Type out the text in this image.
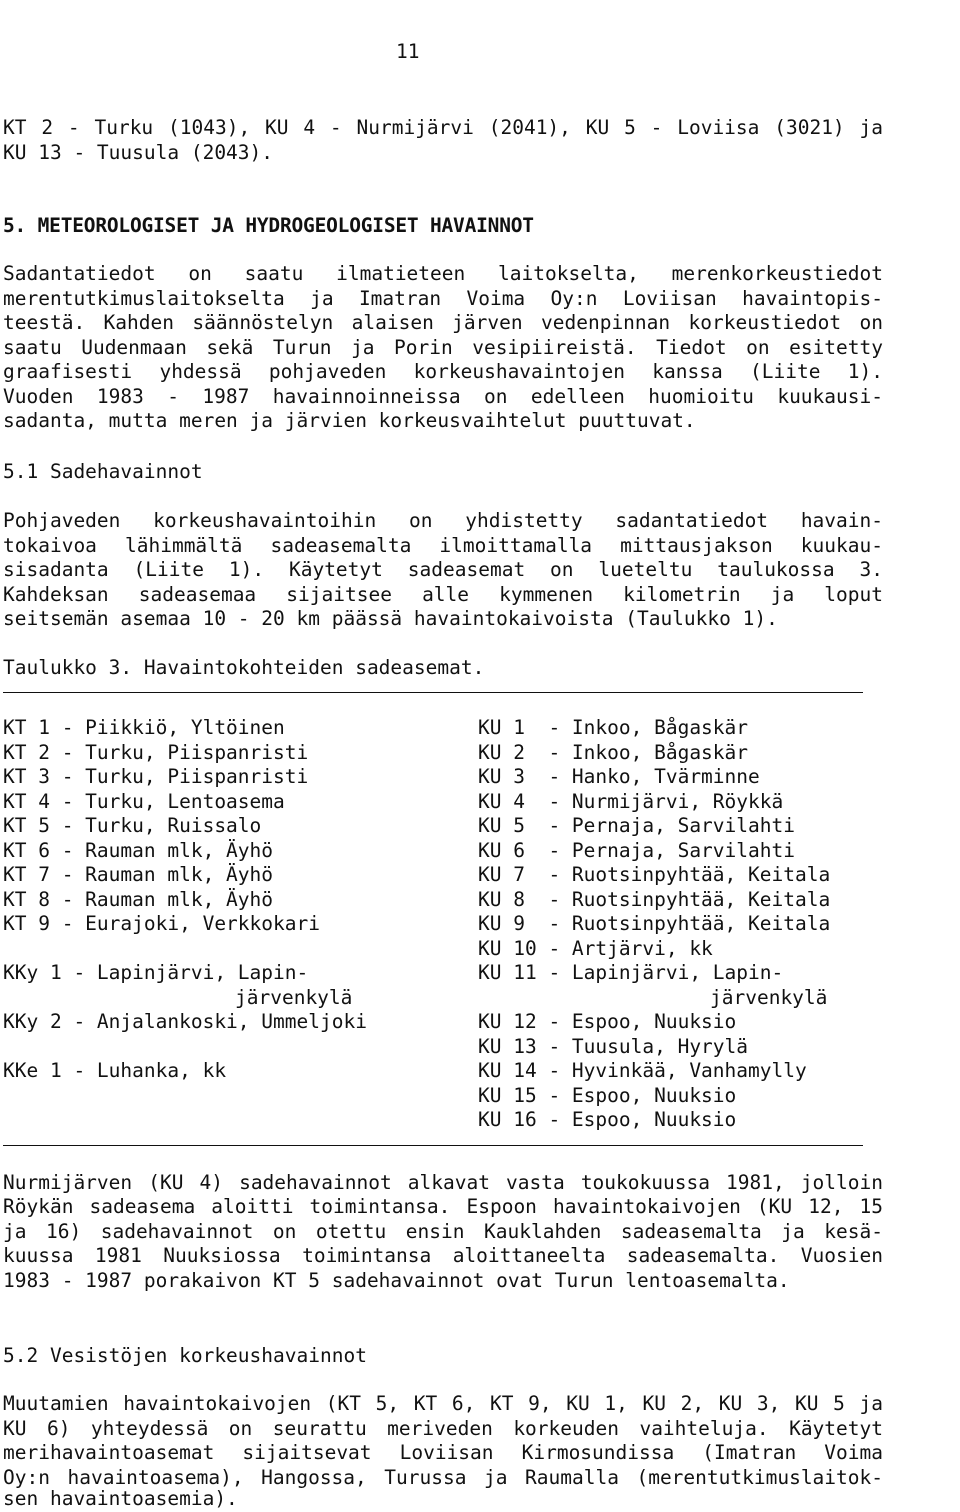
11
KT 2 - Turku (1043), KU 4 - Nurmijärvi (2041), KU 5 - Loviisa (3021) ja
KU 13 - Tuusula (2043).
5. METEOROLOGISET JA HYDROGEOLOGISET HAVAINNOT
Sadantatiedot on saatu ilmatieteen laitokselta, merenkorkeustiedot
merentutkimuslaitokselta ja Imatran Voima Oy:n Loviisan havaintopis-
teestä. Kahden säännöstelyn alaisen järven vedenpinnan korkeustiedot on
saatu Uudenmaan sekä Turun ja Porin vesipiireistä. Tiedot on esitetty
graafisesti yhdessä pohjaveden korkeushavaintojen kanssa (Liite 1).
Vuoden 1983 - 1987 havainnoinneissa on edelleen huomioitu kuukausi-
sadanta, mutta meren ja järvien korkeusvaihtelut puuttuvat.
5.1 Sadehavainnot
Pohjaveden korkeushavaintoihin on yhdistetty sadantatiedot havain-
tokaivoa lähimmältä sadeasemalta ilmoittamalla mittausjakson kuukau-
sisadanta (Liite 1). Käytetyt sadeasemat on lueteltu taulukossa 3.
Kahdeksan sadeasemaa sijaitsee alle kymmenen kilometrin ja loput
seitsemän asemaa 10 - 20 km päässä havaintokaivoista (Taulukko 1).
Taulukko 3. Havaintokohteiden sadeasemat.
KT 1 - Piikkiö, Yltöinen
KT 2 - Turku, Piispanristi
KT 3 - Turku, Piispanristi
KT 4 - Turku, Lentoasema
KT 5 - Turku, Ruissalo
KT 6 - Rauman mlk, Äyhö
KT 7 - Rauman mlk, Äyhö
KT 8 - Rauman mlk, Äyhö
KT 9 - Eurajoki, Verkkokari
KKy 1 - Lapinjärvi, Lapin-
järvenkylä
KKy 2 - Anjalankoski, Ummeljoki
KKe 1 - Luhanka, kk
KU 1  - Inkoo, Bågaskär
KU 2  - Inkoo, Bågaskär
KU 3  - Hanko, Tvärminne
KU 4  - Nurmijärvi, Röykkä
KU 5  - Pernaja, Sarvilahti
KU 6  - Pernaja, Sarvilahti
KU 7  - Ruotsinpyhtää, Keitala
KU 8  - Ruotsinpyhtää, Keitala
KU 9  - Ruotsinpyhtää, Keitala
KU 10 - Artjärvi, kk
KU 11 - Lapinjärvi, Lapin-
järvenkylä
KU 12 - Espoo, Nuuksio
KU 13 - Tuusula, Hyrylä
KU 14 - Hyvinkää, Vanhamylly
KU 15 - Espoo, Nuuksio
KU 16 - Espoo, Nuuksio
Nurmijärven (KU 4) sadehavainnot alkavat vasta toukokuussa 1981, jolloin
Röykän sadeasema aloitti toimintansa. Espoon havaintokaivojen (KU 12, 15
ja 16) sadehavainnot on otettu ensin Kauklahden sadeasemalta ja kesä-
kuussa 1981 Nuuksiossa toimintansa aloittaneelta sadeasemalta. Vuosien
1983 - 1987 porakaivon KT 5 sadehavainnot ovat Turun lentoasemalta.
5.2 Vesistöjen korkeushavainnot
Muutamien havaintokaivojen (KT 5, KT 6, KT 9, KU 1, KU 2, KU 3, KU 5 ja
KU 6) yhteydessä on seurattu meriveden korkeuden vaihteluja. Käytetyt
merihavaintoasemat sijaitsevat Loviisan Kirmosundissa (Imatran Voima
Oy:n havaintoasema), Hangossa, Turussa ja Raumalla (merentutkimuslaitok-
sen havaintoasemia).
